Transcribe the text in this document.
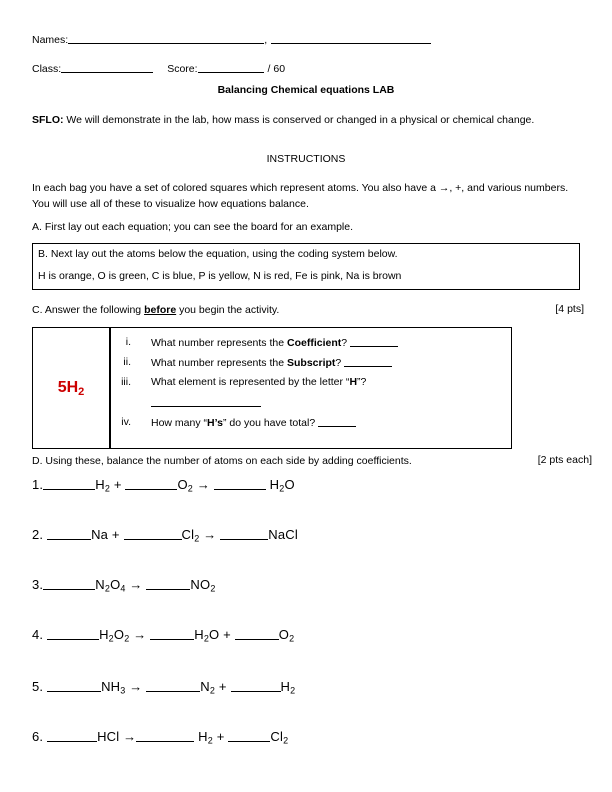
Names:	,
Class:	Score:	/ 60
Balancing Chemical equations LAB
SFLO: We will demonstrate in the lab, how mass is conserved or changed in a physical or chemical change.
INSTRUCTIONS
In each bag you have a set of colored squares which represent atoms. You also have a →, +, and various numbers. You will use all of these to visualize how equations balance.
A. First lay out each equation; you can see the board for an example.
B. Next lay out the atoms below the equation, using the coding system below.
H is orange, O is green, C is blue, P is yellow, N is red, Fe is pink, Na is brown
C. Answer the following before you begin the activity.	[4 pts]
$5H_2$
i. What number represents the Coefficient?
ii. What number represents the Subscript?
iii. What element is represented by the letter “H”?
iv. How many “H’s” do you have total?
D. Using these, balance the number of atoms on each side by adding coefficients.	[2 pts each]
1.	$H_2$ +	$O_2$ →	$H_2O$
2.	Na +	$Cl_2$ →	NaCl
3.	$N_2O_4$ →	$NO_2$
4.	$H_2O_2$ →	$H_2O$ +	$O_2$
5.	$NH_3$ →	$N_2$ +	$H_2$
6.	HCl →	$H_2$ +	$Cl_2$
